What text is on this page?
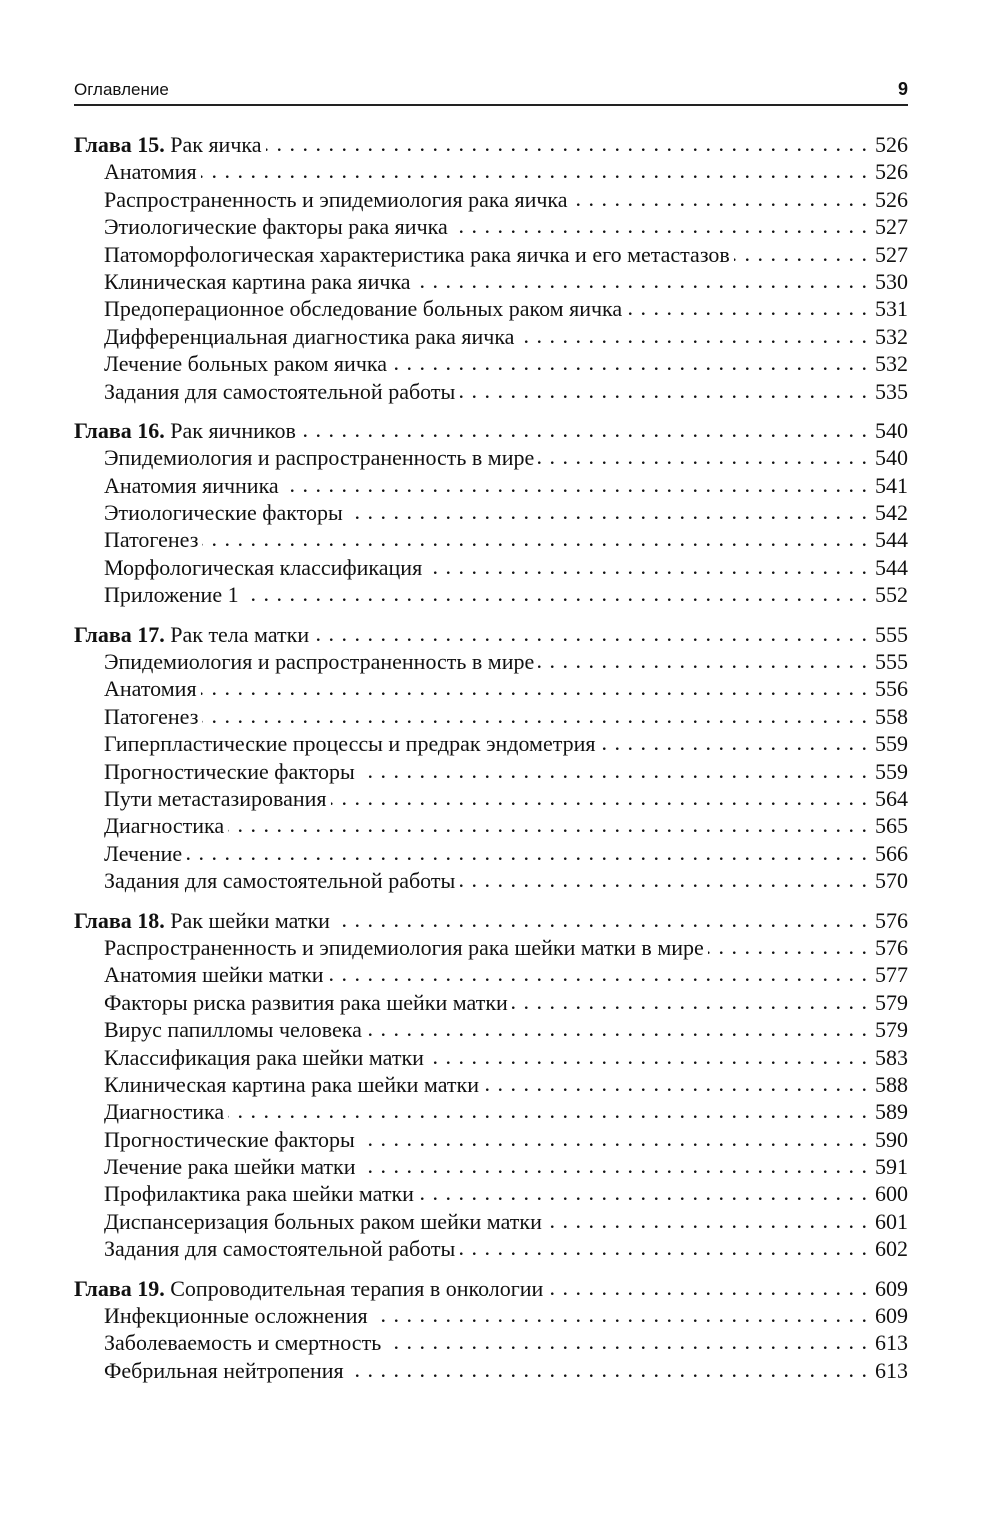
Оглавление	9
Глава 15. Рак яичка . . .	526
Анатомия . . .	526
Распространенность и эпидемиология рака яичка . . .	526
Этиологические факторы рака яичка . . .	527
Патоморфологическая характеристика рака яичка и его метастазов . . .	527
Клиническая картина рака яичка . . .	530
Предоперационное обследование больных раком яичка . . .	531
Дифференциальная диагностика рака яичка . . .	532
Лечение больных раком яичка . . .	532
Задания для самостоятельной работы . . .	535
Глава 16. Рак яичников . . .	540
Эпидемиология и распространенность в мире . . .	540
Анатомия яичника . . .	541
Этиологические факторы . . .	542
Патогенез . . .	544
Морфологическая классификация . . .	544
Приложение 1 . . .	552
Глава 17. Рак тела матки . . .	555
Эпидемиология и распространенность в мире . . .	555
Анатомия . . .	556
Патогенез . . .	558
Гиперпластические процессы и предрак эндометрия . . .	559
Прогностические факторы . . .	559
Пути метастазирования . . .	564
Диагностика . . .	565
Лечение . . .	566
Задания для самостоятельной работы . . .	570
Глава 18. Рак шейки матки . . .	576
Распространенность и эпидемиология рака шейки матки в мире . . .	576
Анатомия шейки матки . . .	577
Факторы риска развития рака шейки матки . . .	579
Вирус папилломы человека . . .	579
Классификация рака шейки матки . . .	583
Клиническая картина рака шейки матки . . .	588
Диагностика . . .	589
Прогностические факторы . . .	590
Лечение рака шейки матки . . .	591
Профилактика рака шейки матки . . .	600
Диспансеризация больных раком шейки матки . . .	601
Задания для самостоятельной работы . . .	602
Глава 19. Сопроводительная терапия в онкологии . . .	609
Инфекционные осложнения . . .	609
Заболеваемость и смертность . . .	613
Фебрильная нейтропения . . .	613
